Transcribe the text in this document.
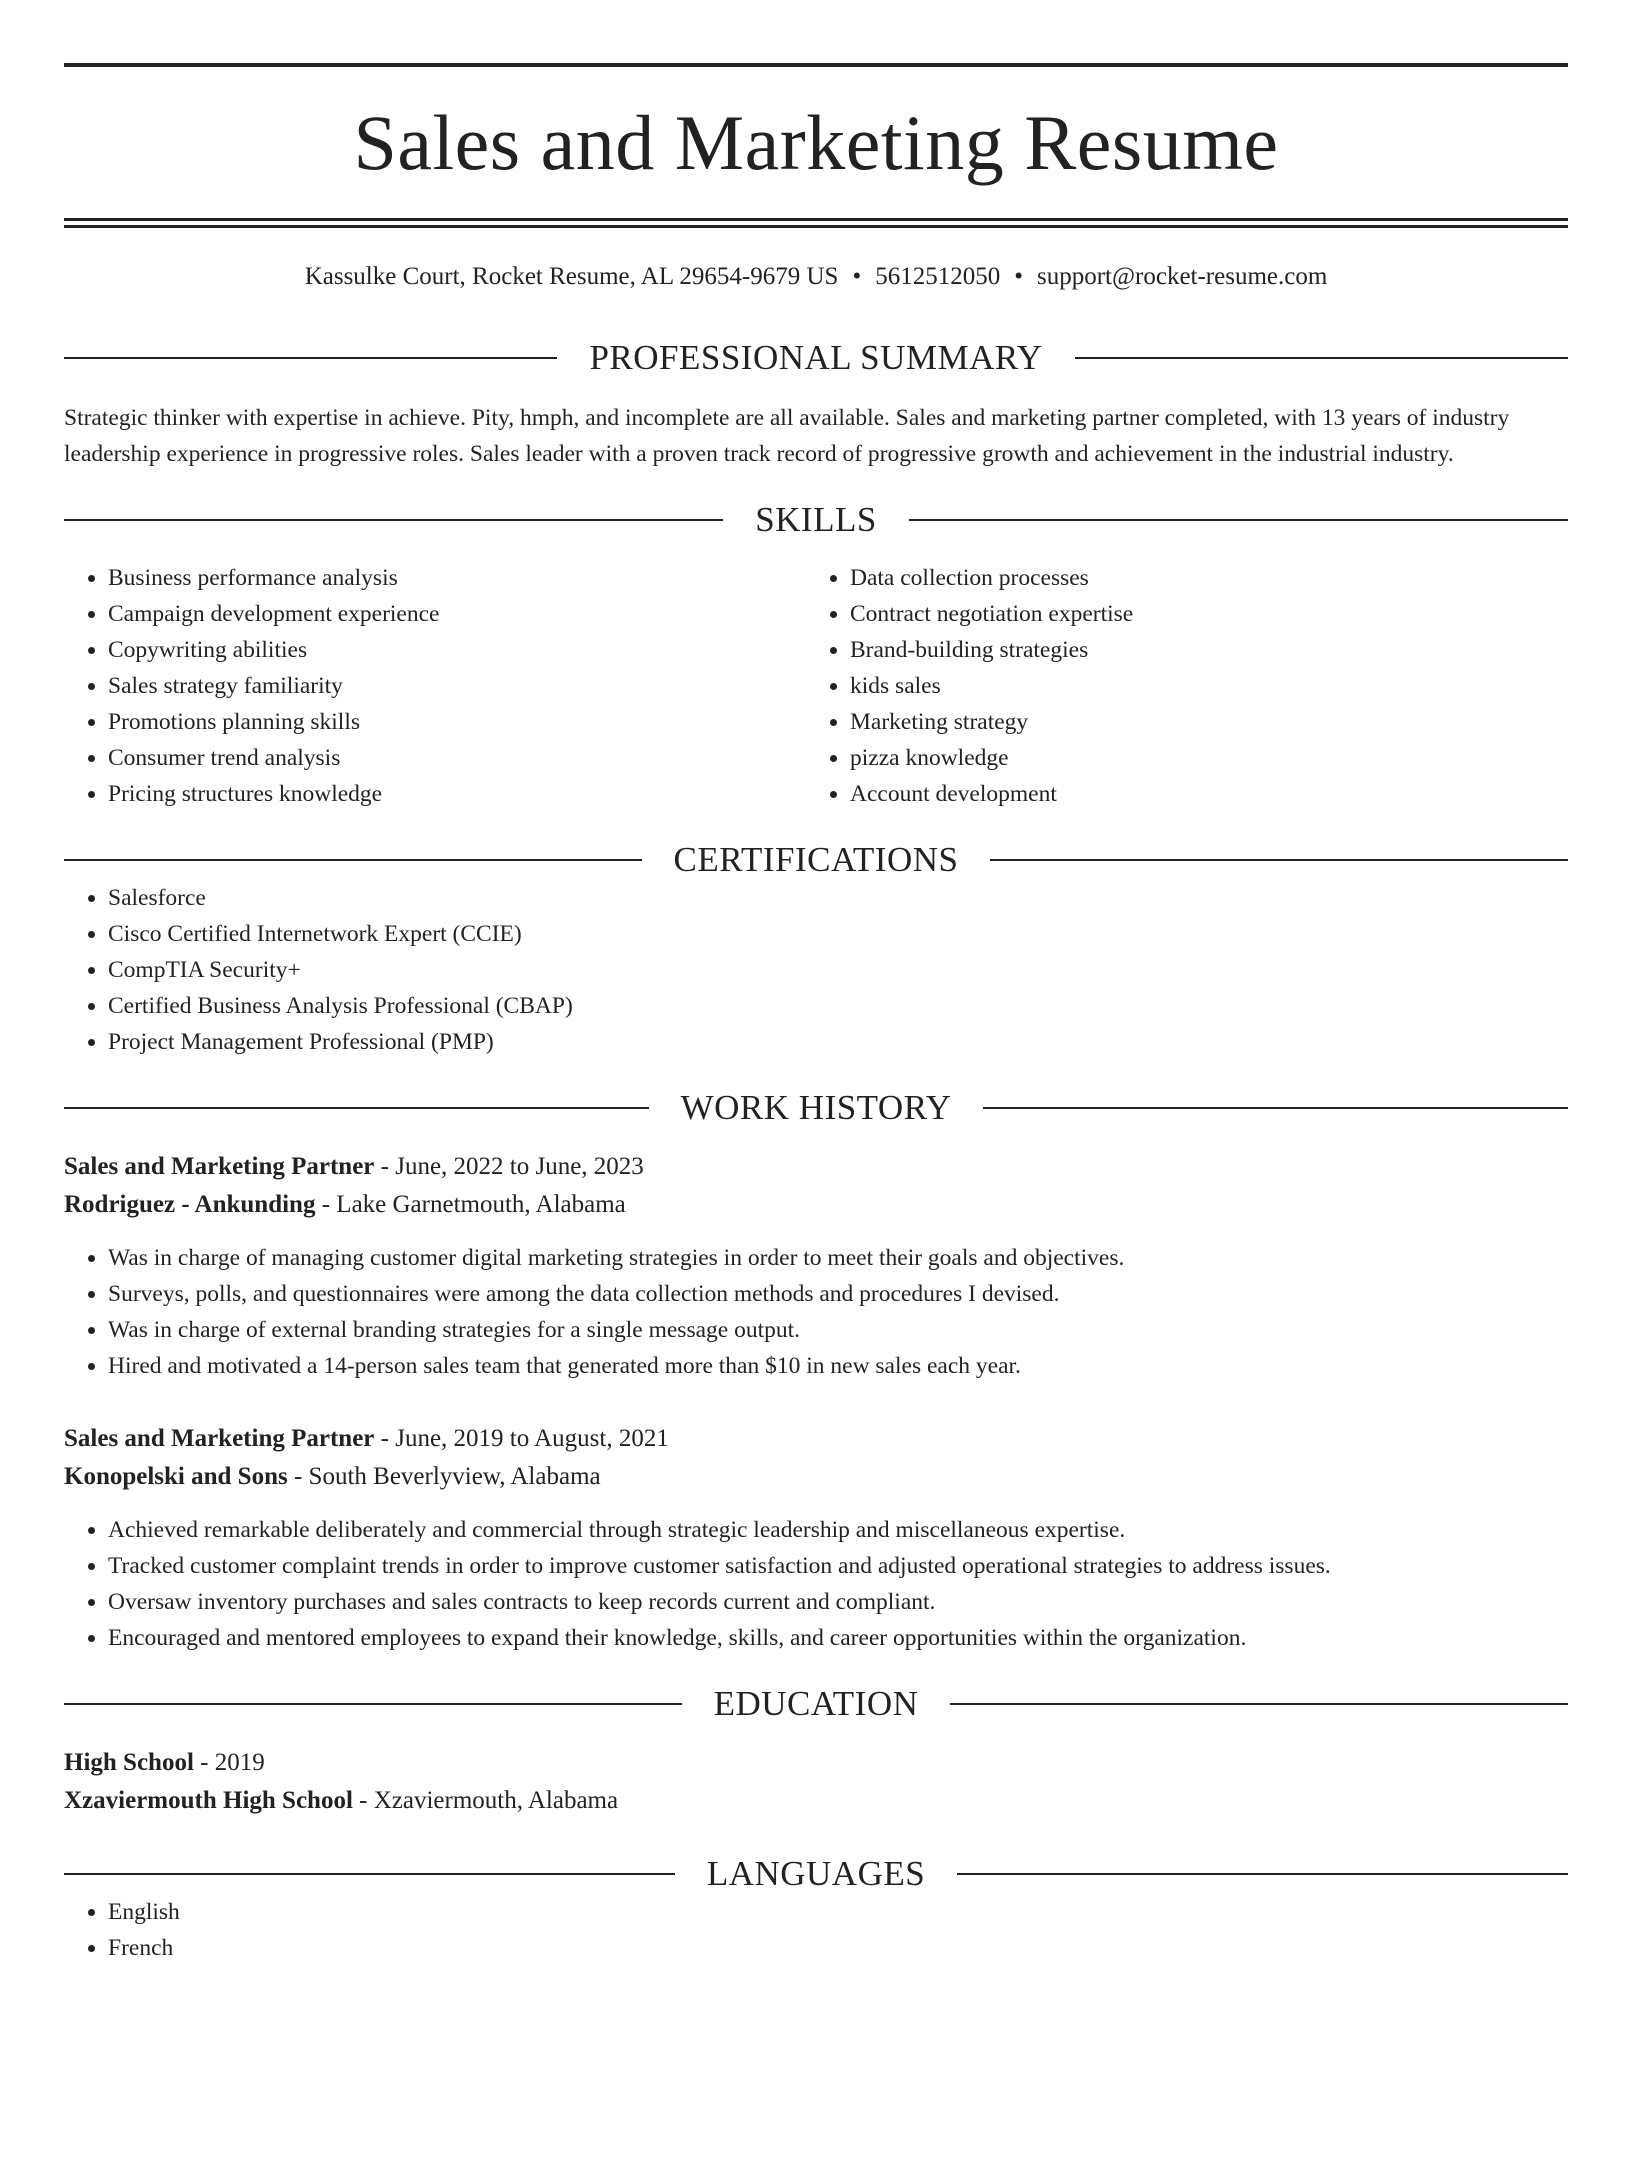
Sales and Marketing Resume
Kassulke Court, Rocket Resume, AL 29654-9679 US • 5612512050 • support@rocket-resume.com
PROFESSIONAL SUMMARY
Strategic thinker with expertise in achieve. Pity, hmph, and incomplete are all available. Sales and marketing partner completed, with 13 years of industry leadership experience in progressive roles. Sales leader with a proven track record of progressive growth and achievement in the industrial industry.
SKILLS
• Business performance analysis
• Campaign development experience
• Copywriting abilities
• Sales strategy familiarity
• Promotions planning skills
• Consumer trend analysis
• Pricing structures knowledge
• Data collection processes
• Contract negotiation expertise
• Brand-building strategies
• kids sales
• Marketing strategy
• pizza knowledge
• Account development
CERTIFICATIONS
• Salesforce
• Cisco Certified Internetwork Expert (CCIE)
• CompTIA Security+
• Certified Business Analysis Professional (CBAP)
• Project Management Professional (PMP)
WORK HISTORY
Sales and Marketing Partner - June, 2022 to June, 2023
Rodriguez - Ankunding - Lake Garnetmouth, Alabama
• Was in charge of managing customer digital marketing strategies in order to meet their goals and objectives.
• Surveys, polls, and questionnaires were among the data collection methods and procedures I devised.
• Was in charge of external branding strategies for a single message output.
• Hired and motivated a 14-person sales team that generated more than $10 in new sales each year.
Sales and Marketing Partner - June, 2019 to August, 2021
Konopelski and Sons - South Beverlyview, Alabama
• Achieved remarkable deliberately and commercial through strategic leadership and miscellaneous expertise.
• Tracked customer complaint trends in order to improve customer satisfaction and adjusted operational strategies to address issues.
• Oversaw inventory purchases and sales contracts to keep records current and compliant.
• Encouraged and mentored employees to expand their knowledge, skills, and career opportunities within the organization.
EDUCATION
High School - 2019
Xzaviermouth High School - Xzaviermouth, Alabama
LANGUAGES
• English
• French
